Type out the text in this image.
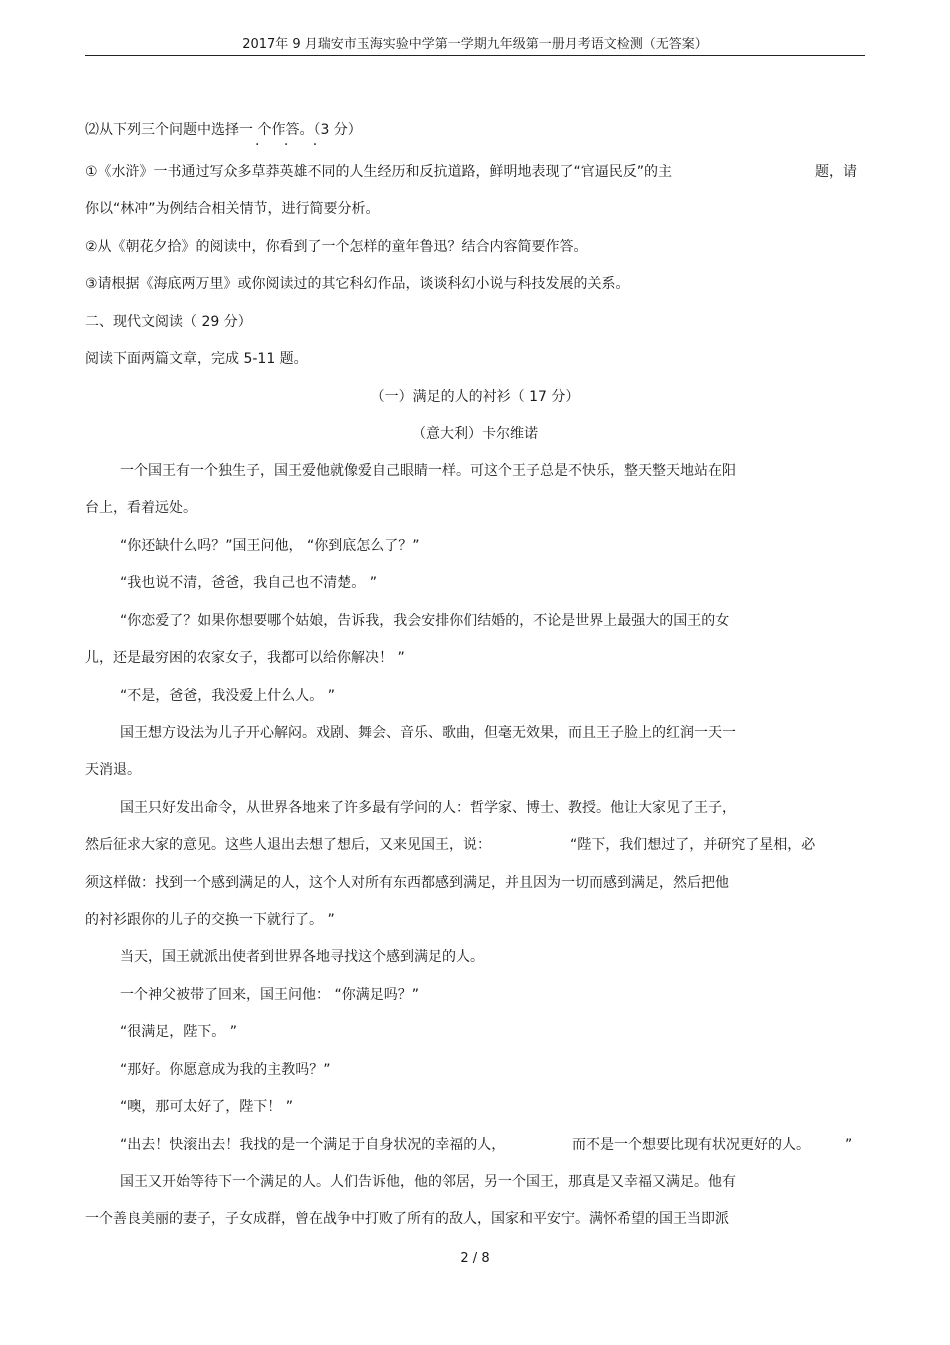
2017年 9 月瑞安市玉海实验中学第一学期九年级第一册月考语文检测（无答案）
⑵从下列三个问题中选择一 个作答。（3 分）
· · ·
①《水浒》一书通过写众多草莽英雄不同的人生经历和反抗道路，鲜明地表现了“官逼民反”的主	题，请
你以“林冲”为例结合相关情节，进行简要分析。
②从《朝花夕拾》的阅读中，你看到了一个怎样的童年鲁迅？结合内容简要作答。
③请根据《海底两万里》或你阅读过的其它科幻作品，谈谈科幻小说与科技发展的关系。
二、现代文阅读（ 29 分）
阅读下面两篇文章，完成 5-11 题。
（一）满足的人的衬衫（ 17 分）
（意大利）卡尔维诺
一个国王有一个独生子，国王爱他就像爱自己眼睛一样。可这个王子总是不快乐，整天整天地站在阳
台上，看着远处。
“你还缺什么吗？”国王问他， “你到底怎么了？”
“我也说不清，爸爸，我自己也不清楚。 ”
“你恋爱了？如果你想要哪个姑娘，告诉我，我会安排你们结婚的，不论是世界上最强大的国王的女
儿，还是最穷困的农家女子，我都可以给你解决！ ”
“不是，爸爸，我没爱上什么人。 ”
国王想方设法为儿子开心解闷。戏剧、舞会、音乐、歌曲，但毫无效果，而且王子脸上的红润一天一
天消退。
国王只好发出命令，从世界各地来了许多最有学问的人：哲学家、博士、教授。他让大家见了王子，
然后征求大家的意见。这些人退出去想了想后，又来见国王，说：	“陛下，我们想过了，并研究了星相，必
须这样做：找到一个感到满足的人，这个人对所有东西都感到满足，并且因为一切而感到满足，然后把他
的衬衫跟你的儿子的交换一下就行了。 ”
当天，国王就派出使者到世界各地寻找这个感到满足的人。
一个神父被带了回来，国王问他： “你满足吗？”
“很满足，陛下。 ”
“那好。你愿意成为我的主教吗？”
“噢，那可太好了，陛下！ ”
“出去！快滚出去！我找的是一个满足于自身状况的幸福的人，	而不是一个想要比现有状况更好的人。	”
国王又开始等待下一个满足的人。人们告诉他，他的邻居，另一个国王，那真是又幸福又满足。他有
一个善良美丽的妻子，子女成群，曾在战争中打败了所有的敌人，国家和平安宁。满怀希望的国王当即派
2 / 8
